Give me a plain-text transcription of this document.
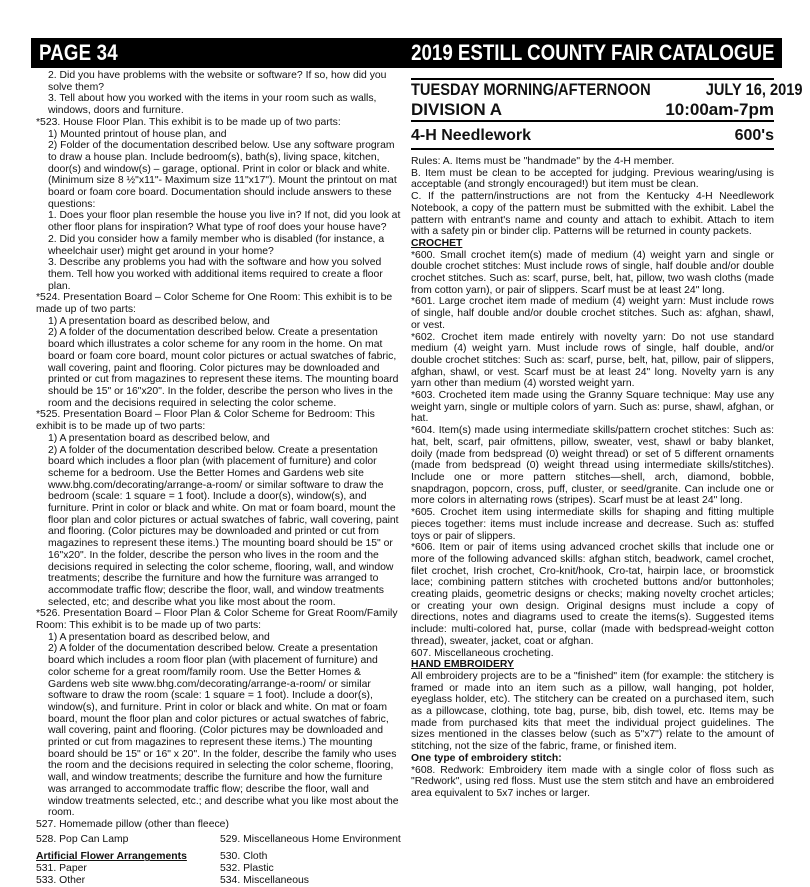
PAGE 34	2019 ESTILL COUNTY FAIR CATALOGUE

2. Did you have problems with the website or software? If so, how did you solve them?

3. Tell about how you worked with the items in your room such as walls, windows, doors and furniture.

*523. House Floor Plan. This exhibit is to be made up of two parts:

1) Mounted printout of house plan, and

2) Folder of the documentation described below. Use any software program to draw a house plan. Include bedroom(s), bath(s), living space, kitchen, door(s) and window(s) – garage, optional. Print in color or black and white. (Minimum size 8 ½"x11"- Maximum size 11"x17"). Mount the printout on mat board or foam core board. Documentation should include answers to these questions:

1. Does your floor plan resemble the house you live in? If not, did you look at other floor plans for inspiration? What type of roof does your house have?

2. Did you consider how a family member who is disabled (for instance, a wheelchair user) might get around in your home?

3. Describe any problems you had with the software and how you solved them. Tell how you worked with additional items required to create a floor plan.

*524. Presentation Board – Color Scheme for One Room: This exhibit is to be made up of two parts:

1) A presentation board as described below, and

2) A folder of the documentation described below. Create a presentation board which illustrates a color scheme for any room in the home. On mat board or foam core board, mount color pictures or actual swatches of fabric, wall covering, paint and flooring. Color pictures may be downloaded and printed or cut from magazines to represent these items. The mounting board should be 15" or 16"x20". In the folder, describe the person who lives in the room and the decisions required in selecting the color scheme.

*525. Presentation Board – Floor Plan & Color Scheme for Bedroom: This exhibit is to be made up of two parts:

1) A presentation board as described below, and

2) A folder of the documentation described below. Create a presentation board which includes a floor plan (with placement of furniture) and color scheme for a bedroom. Use the Better Homes and Gardens web site www.bhg.com/decorating/arrange-a-room/ or similar software to draw the bedroom (scale: 1 square = 1 foot). Include a door(s), window(s), and furniture. Print in color or black and white. On mat or foam board, mount the floor plan and color pictures or actual swatches of fabric, wall covering, paint and flooring. (Color pictures may be downloaded and printed or cut from magazines to represent these items.) The mounting board should be 15" or 16"x20". In the folder, describe the person who lives in the room and the decisions required in selecting the color scheme, flooring, wall, and window treatments; describe the furniture and how the furniture was arranged to accommodate traffic flow; describe the floor, wall, and window treatments selected, etc; and describe what you like most about the room.

*526. Presentation Board – Floor Plan & Color Scheme for Great Room/Family Room: This exhibit is to be made up of two parts:

1) A presentation board as described below, and

2) A folder of the documentation described below. Create a presentation board which includes a room floor plan (with placement of furniture) and color scheme for a great room/family room. Use the Better Homes & Gardens web site www.bhg.com/decorating/arrange-a-room/ or similar software to draw the room (scale: 1 square = 1 foot). Include a door(s), window(s), and furniture. Print in color or black and white. On mat or foam board, mount the floor plan and color pictures or actual swatches of fabric, wall covering, paint and flooring. (Color pictures may be downloaded and printed or cut from magazines to represent these items.) The mounting board should be 15" or 16" x 20". In the folder, describe the family who uses the room and the decisions required in selecting the color scheme, flooring, wall, and window treatments; describe the furniture and how the furniture was arranged to accommodate traffic flow; describe the floor, wall and window treatments selected, etc.; and describe what you like most about the room.

527. Homemade pillow (other than fleece)

528. Pop Can Lamp	529. Miscellaneous Home Environment

Artificial Flower Arrangements	530. Cloth

531. Paper	532. Plastic

533. Other	534. Miscellaneous

TUESDAY MORNING/AFTERNOON	JULY 16, 2019
DIVISION A	10:00am-7pm
4-H Needlework	600's

Rules: A. Items must be "handmade" by the 4-H member.

B. Item must be clean to be accepted for judging. Previous wearing/using is acceptable (and strongly encouraged!) but item must be clean.

C. If the pattern/instructions are not from the Kentucky 4-H Needlework Notebook, a copy of the pattern must be submitted with the exhibit. Label the pattern with entrant's name and county and attach to exhibit. Attach to item with a safety pin or binder clip. Patterns will be returned in county packets.

CROCHET

*600. Small crochet item(s) made of medium (4) weight yarn and single or double crochet stitches: Must include rows of single, half double and/or double crochet stitches. Such as: scarf, purse, belt, hat, pillow, two wash cloths (made from cotton yarn), or pair of slippers. Scarf must be at least 24" long.

*601. Large crochet item made of medium (4) weight yarn: Must include rows of single, half double and/or double crochet stitches. Such as: afghan, shawl, or vest.

*602. Crochet item made entirely with novelty yarn: Do not use standard medium (4) weight yarn. Must include rows of single, half double, and/or double crochet stitches: Such as: scarf, purse, belt, hat, pillow, pair of slippers, afghan, shawl, or vest. Scarf must be at least 24" long. Novelty yarn is any yarn other than medium (4) worsted weight yarn.

*603. Crocheted item made using the Granny Square technique: May use any weight yarn, single or multiple colors of yarn. Such as: purse, shawl, afghan, or hat.

*604. Item(s) made using intermediate skills/pattern crochet stitches: Such as: hat, belt, scarf, pair ofmittens, pillow, sweater, vest, shawl or baby blanket, doily (made from bedspread (0) weight thread) or set of 5 different ornaments (made from bedspread (0) weight thread using intermediate skills/stitches). Include one or more pattern stitches—shell, arch, diamond, bobble, snapdragon, popcorn, cross, puff, cluster, or seed/granite. Can include one or more colors in alternating rows (stripes). Scarf must be at least 24" long.

*605. Crochet item using intermediate skills for shaping and fitting multiple pieces together: items must include increase and decrease. Such as: stuffed toys or pair of slippers.

*606. Item or pair of items using advanced crochet skills that include one or more of the following advanced skills: afghan stitch, beadwork, camel crochet, filet crochet, Irish crochet, Cro-knit/hook, Cro-tat, hairpin lace, or broomstick lace; combining pattern stitches with crocheted buttons and/or buttonholes; creating plaids, geometric designs or checks; making novelty crochet articles; or creating your own design. Original designs must include a copy of directions, notes and diagrams used to create the items(s). Suggested items include: multi-colored hat, purse, collar (made with bedspread-weight cotton thread), sweater, jacket, coat or afghan.

607. Miscellaneous crocheting.

HAND EMBROIDERY

All embroidery projects are to be a "finished" item (for example: the stitchery is framed or made into an item such as a pillow, wall hanging, pot holder, eyeglass holder, etc). The stitchery can be created on a purchased item, such as a pillowcase, clothing, tote bag, purse, bib, dish towel, etc. Items may be made from purchased kits that meet the individual project guidelines. The sizes mentioned in the classes below (such as 5"x7") relate to the amount of stitching, not the size of the fabric, frame, or finished item.

One type of embroidery stitch:

*608. Redwork: Embroidery item made with a single color of floss such as "Redwork", using red floss. Must use the stem stitch and have an embroidered area equivalent to 5x7 inches or larger.
